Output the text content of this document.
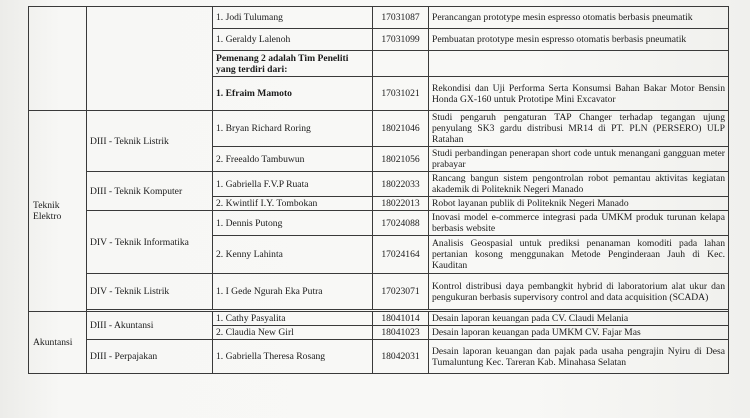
		1. Jodi Tulumang	17031087	Perancangan prototype mesin espresso otomatis berbasis pneumatik
		1. Geraldy Lalenoh	17031099	Pembuatan prototype mesin espresso otomatis berbasis pneumatik
		Pemenang 2 adalah Tim Peneliti yang terdiri dari:		
		1. Efraim Mamoto	17031021	Rekondisi dan Uji Performa Serta Konsumsi Bahan Bakar Motor Bensin Honda GX-160 untuk Prototipe Mini Excavator
Teknik Elektro	DIII - Teknik Listrik	1. Bryan Richard Roring	18021046	Studi pengaruh pengaturan TAP Changer terhadap tegangan ujung penyulang SK3 gardu distribusi MR14 di PT. PLN (PERSERO) ULP Ratahan
		2. Freealdo Tambuwun	18021056	Studi perbandingan penerapan short code untuk menangani gangguan meter prabayar
	DIII - Teknik Komputer	1. Gabriella F.V.P Ruata	18022033	Rancang bangun sistem pengontrolan robot pemantau aktivitas kegiatan akademik di Politeknik Negeri Manado
		2. Kwintlif I.Y. Tombokan	18022013	Robot layanan publik di Politeknik Negeri Manado
	DIV - Teknik Informatika	1. Dennis Putong	17024088	Inovasi model e-commerce integrasi pada UMKM produk turunan kelapa berbasis website
		2. Kenny Lahinta	17024164	Analisis Geospasial untuk prediksi penanaman komoditi pada lahan pertanian kosong menggunakan Metode Penginderaan Jauh di Kec. Kauditan
	DIV - Teknik Listrik	1. I Gede Ngurah Eka Putra	17023071	Kontrol distribusi daya pembangkit hybrid di laboratorium alat ukur dan pengukuran berbasis supervisory control and data acquisition (SCADA)

Akuntansi	DIII - Akuntansi	1. Cathy Pasyalita	18041014	Desain laporan keuangan pada CV. Claudi Melania
		2. Claudia New Girl	18041023	Desain laporan keuangan pada UMKM CV. Fajar Mas
	DIII - Perpajakan	1. Gabriella Theresa Rosang	18042031	Desain laporan keuangan dan pajak pada usaha pengrajin Nyiru di Desa Tumaluntung Kec. Tareran Kab. Minahasa Selatan
